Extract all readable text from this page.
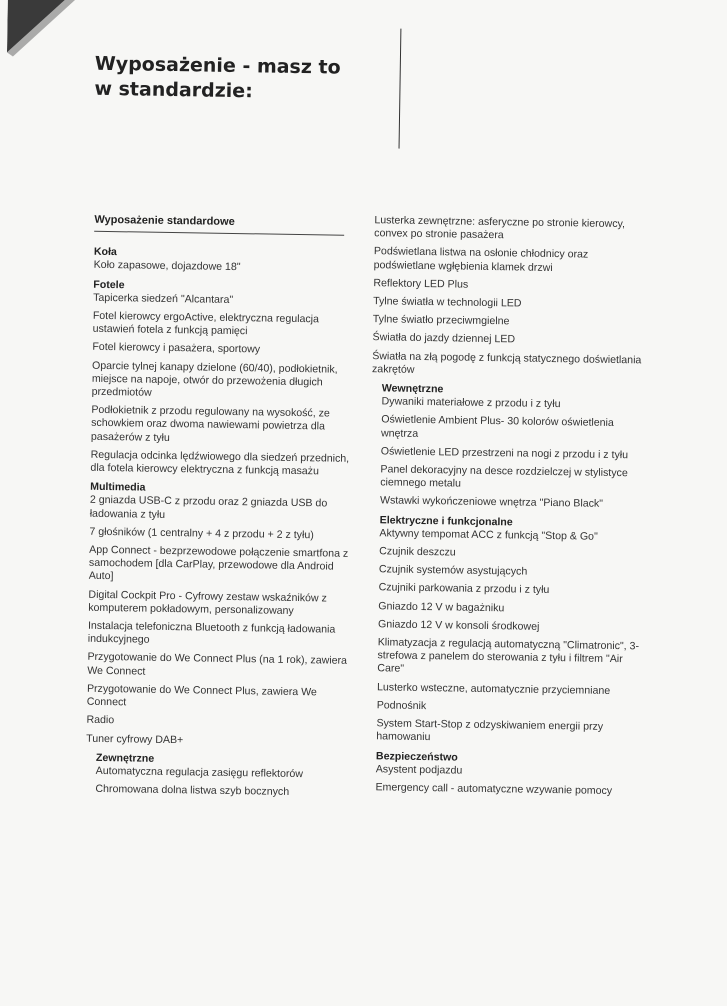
Wyposażenie - masz to
w standardzie:
Wyposażenie standardowe
Koła
Koło zapasowe, dojazdowe 18"
Fotele
Tapicerka siedzeń "Alcantara"
Fotel kierowcy ergoActive, elektryczna regulacja ustawień fotela z funkcją pamięci
Fotel kierowcy i pasażera, sportowy
Oparcie tylnej kanapy dzielone (60/40), podłokietnik, miejsce na napoje, otwór do przewożenia długich przedmiotów
Podłokietnik z przodu regulowany na wysokość, ze schowkiem oraz dwoma nawiewami powietrza dla pasażerów z tyłu
Regulacja odcinka lędźwiowego dla siedzeń przednich, dla fotela kierowcy elektryczna z funkcją masażu
Multimedia
2 gniazda USB-C z przodu oraz 2 gniazda USB do ładowania z tyłu
7 głośników (1 centralny + 4 z przodu + 2 z tyłu)
App Connect - bezprzewodowe połączenie smartfona z samochodem [dla CarPlay, przewodowe dla Android Auto]
Digital Cockpit Pro - Cyfrowy zestaw wskaźników z komputerem pokładowym, personalizowany
Instalacja telefoniczna Bluetooth z funkcją ładowania indukcyjnego
Przygotowanie do We Connect Plus (na 1 rok), zawiera We Connect
Przygotowanie do We Connect Plus, zawiera We Connect
Radio
Tuner cyfrowy DAB+
Zewnętrzne
Automatyczna regulacja zasięgu reflektorów
Chromowana dolna listwa szyb bocznych
Lusterka zewnętrzne: asferyczne po stronie kierowcy, convex po stronie pasażera
Podświetlana listwa na osłonie chłodnicy oraz podświetlane wgłębienia klamek drzwi
Reflektory LED Plus
Tylne światła w technologii LED
Tylne światło przeciwmgielne
Światła do jazdy dziennej LED
Światła na złą pogodę z funkcją statycznego doświetlania zakrętów
Wewnętrzne
Dywaniki materiałowe z przodu i z tyłu
Oświetlenie Ambient Plus- 30 kolorów oświetlenia wnętrza
Oświetlenie LED przestrzeni na nogi z przodu i z tyłu
Panel dekoracyjny na desce rozdzielczej w stylistyce ciemnego metalu
Wstawki wykończeniowe wnętrza "Piano Black"
Elektryczne i funkcjonalne
Aktywny tempomat ACC z funkcją "Stop & Go"
Czujnik deszczu
Czujnik systemów asystujących
Czujniki parkowania z przodu i z tyłu
Gniazdo 12 V w bagażniku
Gniazdo 12 V w konsoli środkowej
Klimatyzacja z regulacją automatyczną "Climatronic", 3-strefowa z panelem do sterowania z tyłu i filtrem "Air Care"
Lusterko wsteczne, automatycznie przyciemniane
Podnośnik
System Start-Stop z odzyskiwaniem energii przy hamowaniu
Bezpieczeństwo
Asystent podjazdu
Emergency call - automatyczne wzywanie pomocy
